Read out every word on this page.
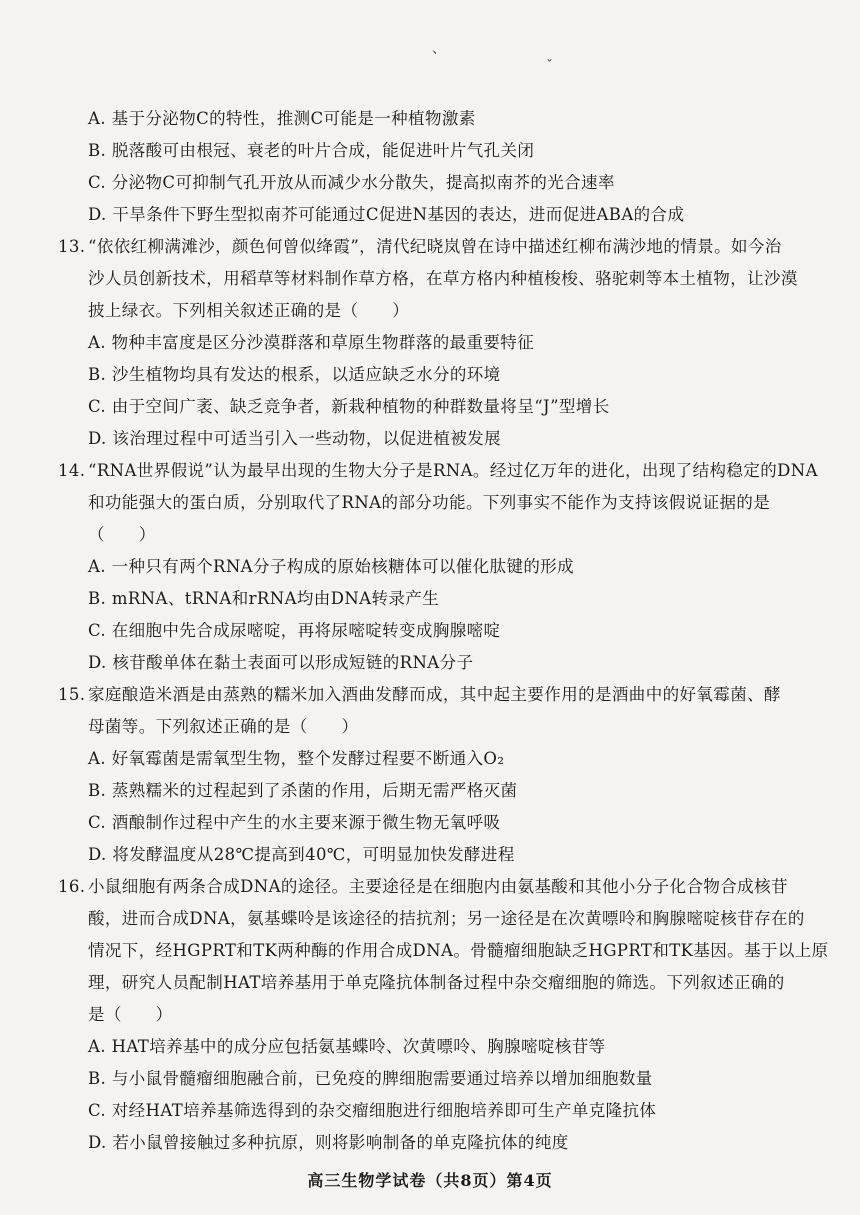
、
ˇ
A. 基于分泌物C的特性，推测C可能是一种植物激素
B. 脱落酸可由根冠、衰老的叶片合成，能促进叶片气孔关闭
C. 分泌物C可抑制气孔开放从而减少水分散失，提高拟南芥的光合速率
D. 干旱条件下野生型拟南芥可能通过C促进N基因的表达，进而促进ABA的合成
13. “依依红柳满滩沙，颜色何曾似绛霞”，清代纪晓岚曾在诗中描述红柳布满沙地的情景。如今治
沙人员创新技术，用稻草等材料制作草方格，在草方格内种植梭梭、骆驼刺等本土植物，让沙漠
披上绿衣。下列相关叙述正确的是（　　）
A. 物种丰富度是区分沙漠群落和草原生物群落的最重要特征
B. 沙生植物均具有发达的根系，以适应缺乏水分的环境
C. 由于空间广袤、缺乏竞争者，新栽种植物的种群数量将呈“J”型增长
D. 该治理过程中可适当引入一些动物，以促进植被发展
14. “RNA世界假说”认为最早出现的生物大分子是RNA。经过亿万年的进化，出现了结构稳定的DNA
和功能强大的蛋白质，分别取代了RNA的部分功能。下列事实不能作为支持该假说证据的是
（　　）
A. 一种只有两个RNA分子构成的原始核糖体可以催化肽键的形成
B. mRNA、tRNA和rRNA均由DNA转录产生
C. 在细胞中先合成尿嘧啶，再将尿嘧啶转变成胸腺嘧啶
D. 核苷酸单体在黏土表面可以形成短链的RNA分子
15. 家庭酿造米酒是由蒸熟的糯米加入酒曲发酵而成，其中起主要作用的是酒曲中的好氧霉菌、酵
母菌等。下列叙述正确的是（　　）
A. 好氧霉菌是需氧型生物，整个发酵过程要不断通入O₂
B. 蒸熟糯米的过程起到了杀菌的作用，后期无需严格灭菌
C. 酒酿制作过程中产生的水主要来源于微生物无氧呼吸
D. 将发酵温度从28℃提高到40℃，可明显加快发酵进程
16. 小鼠细胞有两条合成DNA的途径。主要途径是在细胞内由氨基酸和其他小分子化合物合成核苷
酸，进而合成DNA，氨基蝶呤是该途径的拮抗剂；另一途径是在次黄嘌呤和胸腺嘧啶核苷存在的
情况下，经HGPRT和TK两种酶的作用合成DNA。骨髓瘤细胞缺乏HGPRT和TK基因。基于以上原
理，研究人员配制HAT培养基用于单克隆抗体制备过程中杂交瘤细胞的筛选。下列叙述正确的
是（　　）
A. HAT培养基中的成分应包括氨基蝶呤、次黄嘌呤、胸腺嘧啶核苷等
B. 与小鼠骨髓瘤细胞融合前，已免疫的脾细胞需要通过培养以增加细胞数量
C. 对经HAT培养基筛选得到的杂交瘤细胞进行细胞培养即可生产单克隆抗体
D. 若小鼠曾接触过多种抗原，则将影响制备的单克隆抗体的纯度
高三生物学试卷（共8页）第4页
